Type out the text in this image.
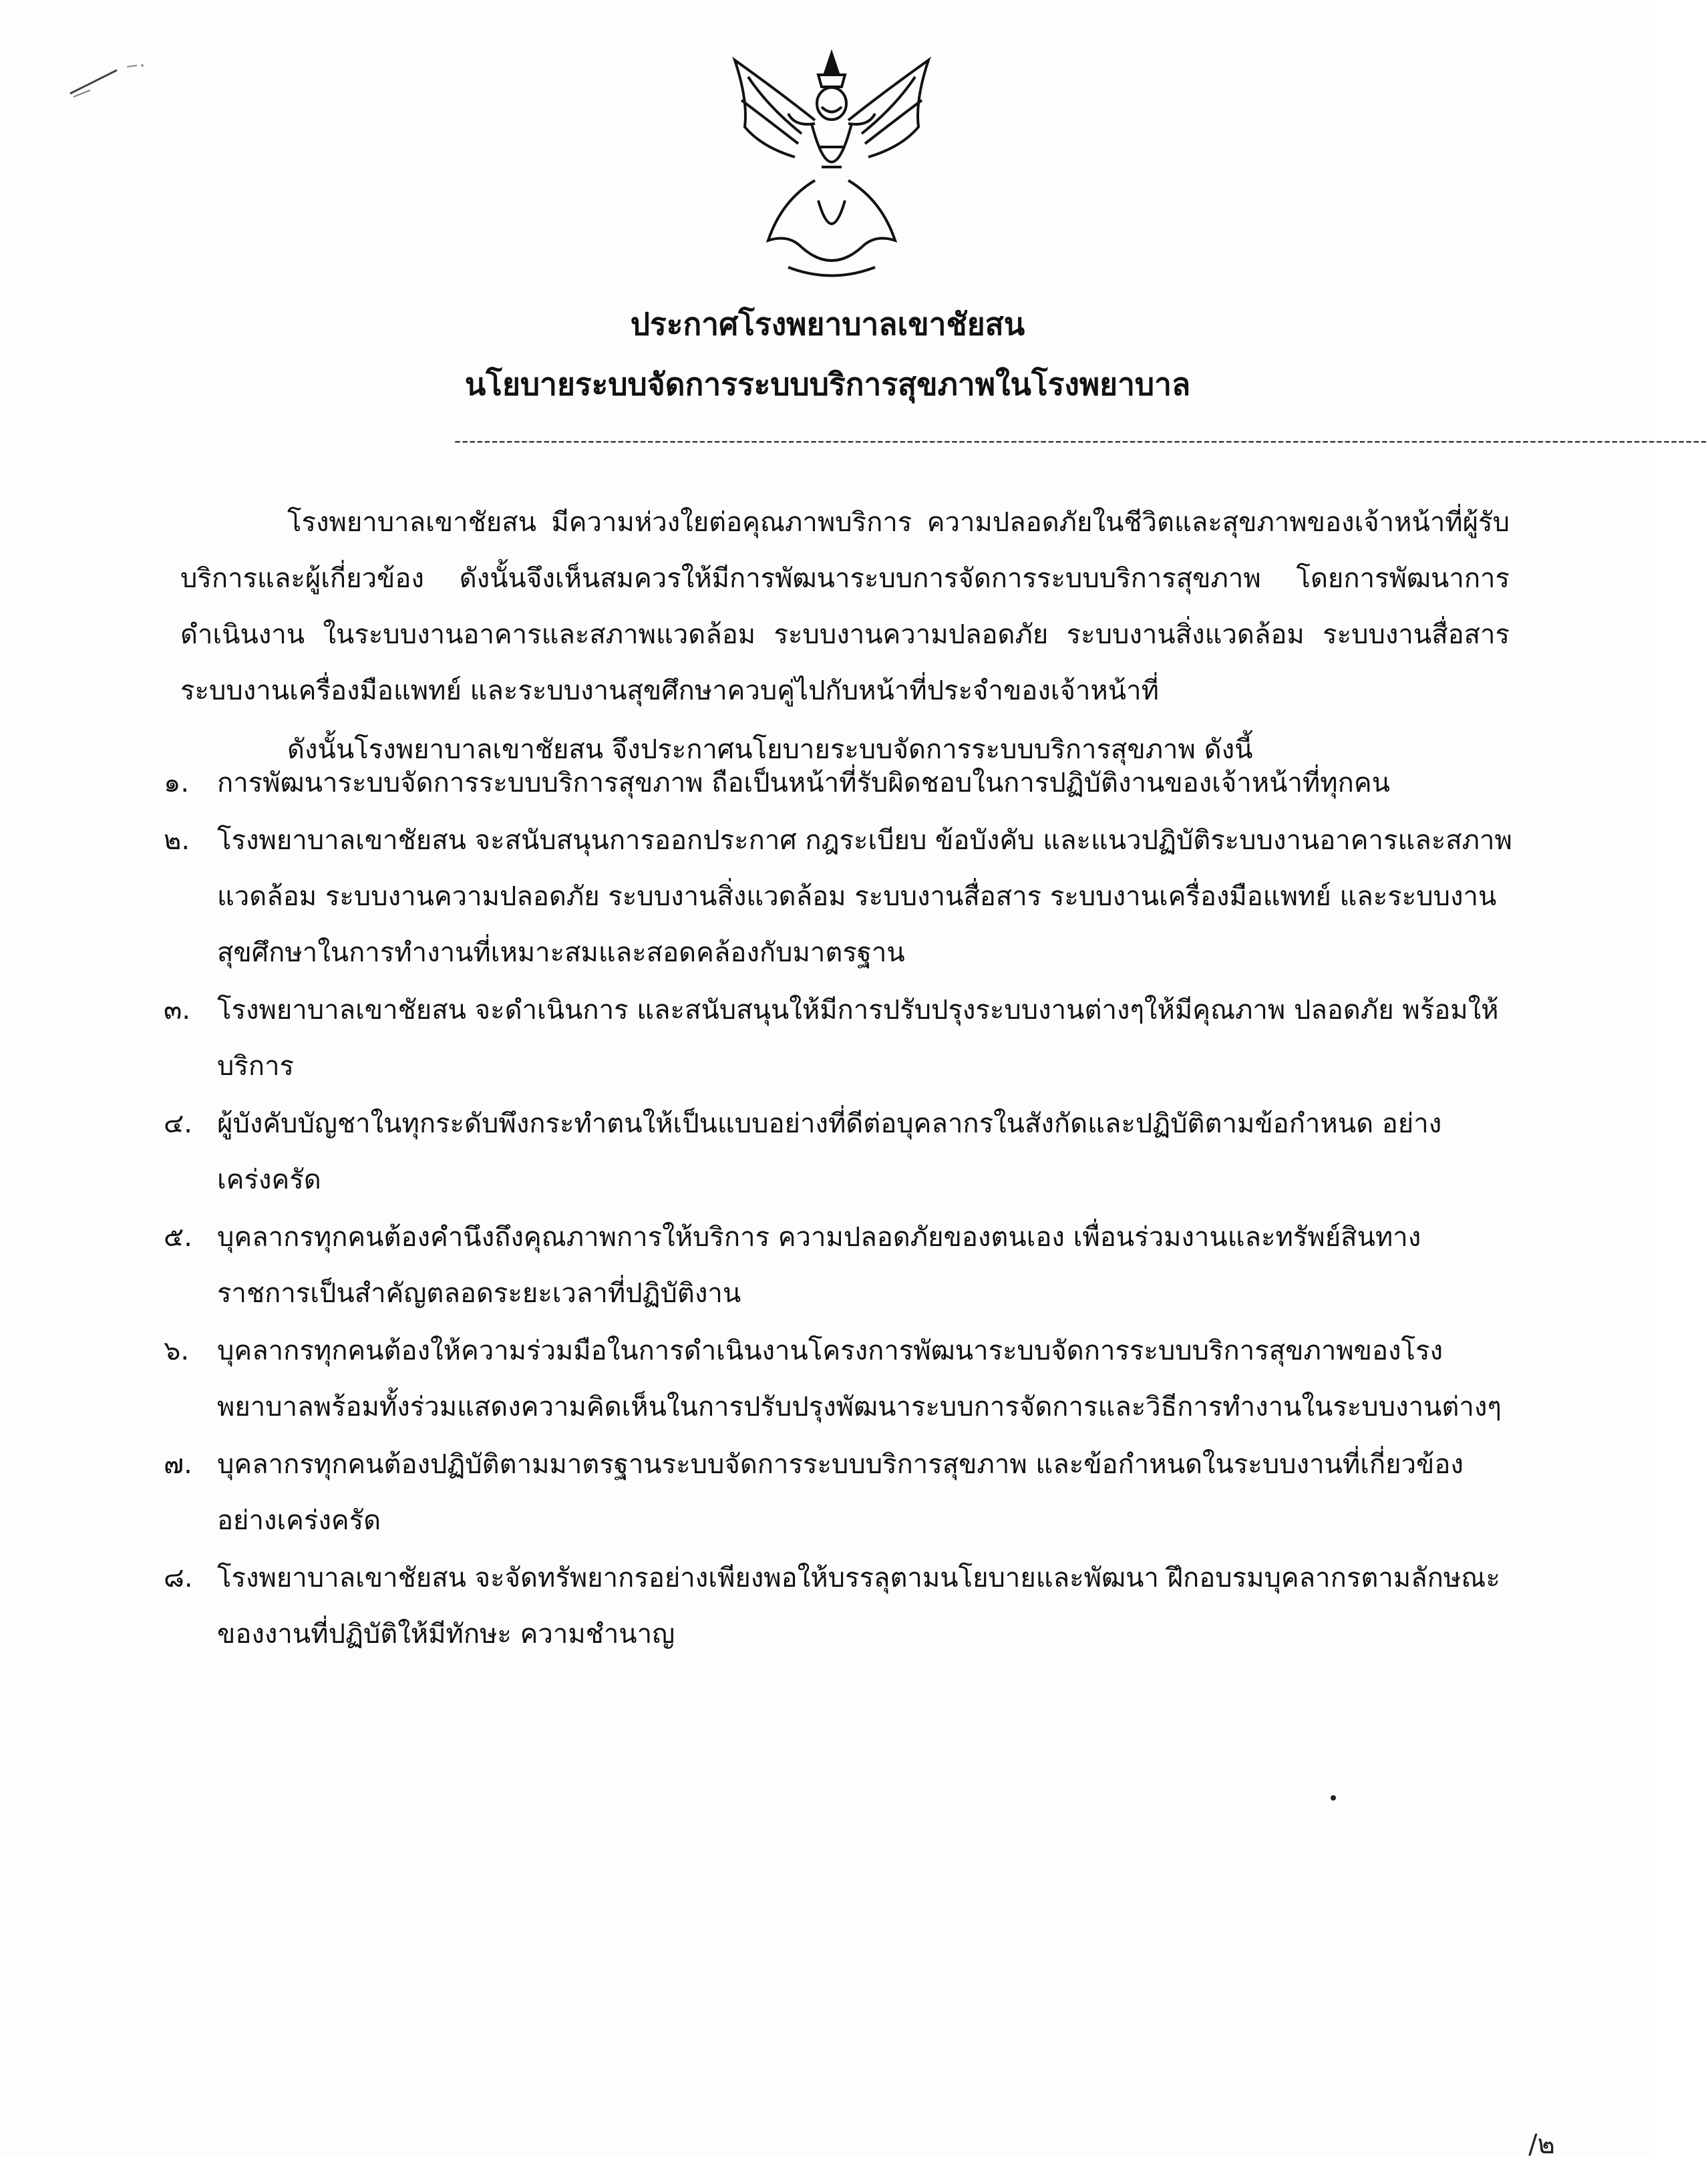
ประกาศโรงพยาบาลเขาชัยสน
นโยบายระบบจัดการระบบบริการสุขภาพในโรงพยาบาล
-------------------------------------------------------------------------------------------------------------------------------------------------------------------------

โรงพยาบาลเขาชัยสน มีความห่วงใยต่อคุณภาพบริการ ความปลอดภัยในชีวิตและสุขภาพของเจ้าหน้าที่ผู้รับบริการและผู้เกี่ยวข้อง ดังนั้นจึงเห็นสมควรให้มีการพัฒนาระบบการจัดการระบบบริการสุขภาพ โดยการพัฒนาการดำเนินงาน ในระบบงานอาคารและสภาพแวดล้อม ระบบงานความปลอดภัย ระบบงานสิ่งแวดล้อม ระบบงานสื่อสาร ระบบงานเครื่องมือแพทย์ และระบบงานสุขศึกษาควบคู่ไปกับหน้าที่ประจำของเจ้าหน้าที่

ดังนั้นโรงพยาบาลเขาชัยสน จึงประกาศนโยบายระบบจัดการระบบบริการสุขภาพ ดังนี้

๑. การพัฒนาระบบจัดการระบบบริการสุขภาพ ถือเป็นหน้าที่รับผิดชอบในการปฏิบัติงานของเจ้าหน้าที่ทุกคน
๒. โรงพยาบาลเขาชัยสน จะสนับสนุนการออกประกาศ กฎระเบียบ ข้อบังคับ และแนวปฏิบัติระบบงานอาคารและสภาพแวดล้อม ระบบงานความปลอดภัย ระบบงานสิ่งแวดล้อม ระบบงานสื่อสาร ระบบงานเครื่องมือแพทย์ และระบบงานสุขศึกษาในการทำงานที่เหมาะสมและสอดคล้องกับมาตรฐาน
๓. โรงพยาบาลเขาชัยสน จะดำเนินการ และสนับสนุนให้มีการปรับปรุงระบบงานต่างๆให้มีคุณภาพ ปลอดภัย พร้อมให้บริการ
๔. ผู้บังคับบัญชาในทุกระดับพึงกระทำตนให้เป็นแบบอย่างที่ดีต่อบุคลากรในสังกัดและปฏิบัติตามข้อกำหนด อย่างเคร่งครัด
๕. บุคลากรทุกคนต้องคำนึงถึงคุณภาพการให้บริการ ความปลอดภัยของตนเอง เพื่อนร่วมงานและทรัพย์สินทางราชการเป็นสำคัญตลอดระยะเวลาที่ปฏิบัติงาน
๖. บุคลากรทุกคนต้องให้ความร่วมมือในการดำเนินงานโครงการพัฒนาระบบจัดการระบบบริการสุขภาพของโรงพยาบาลพร้อมทั้งร่วมแสดงความคิดเห็นในการปรับปรุงพัฒนาระบบการจัดการและวิธีการทำงานในระบบงานต่างๆ
๗. บุคลากรทุกคนต้องปฏิบัติตามมาตรฐานระบบจัดการระบบบริการสุขภาพ และข้อกำหนดในระบบงานที่เกี่ยวข้อง อย่างเคร่งครัด
๘. โรงพยาบาลเขาชัยสน จะจัดทรัพยากรอย่างเพียงพอให้บรรลุตามนโยบายและพัฒนา ฝึกอบรมบุคลากรตามลักษณะของงานที่ปฏิบัติให้มีทักษะ ความชำนาญ
/๒
